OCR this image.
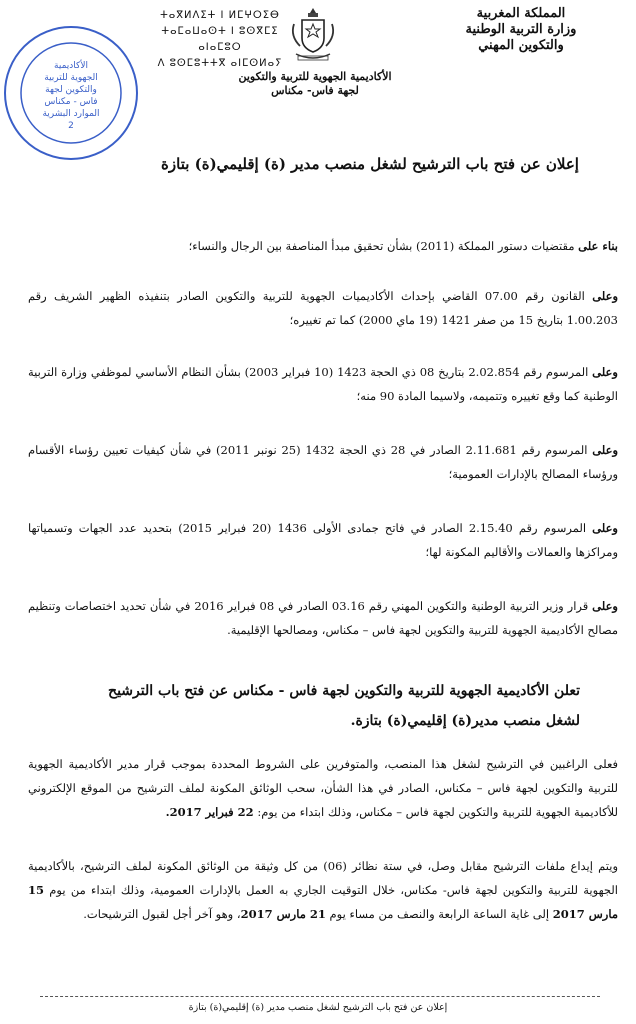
المملكة المغربية
وزارة التربية الوطنية
والتكوين المهني
ⵜⴰⴳⵍⴷⵉⵜ ⵏ ⵍⵎⵖⵔⵉⴱ
ⵜⴰⵎⴰⵡⴰⵙⵜ ⵏ ⵓⵙⴳⵎⵉ ⴰⵏⴰⵎⵓⵔ
ⴷ ⵓⵙⵎⵓⵜⵜⴳ ⴰⵏⵎⵙⵍⴰⵢ
الأكاديمية الجهوية للتربية والتكوين
لجهة فاس- مكناس
الأكاديمية
الجهوية للتربية
والتكوين لجهة
فاس - مكناس
الموارد البشرية
2
إعلان عن فتح باب الترشيح لشغل منصب مدير (ة) إقليمي(ة) بتازة
بناء على مقتضيات دستور المملكة (2011) بشأن تحقيق مبدأ المناصفة بين الرجال والنساء؛
وعلى القانون رقم 07.00 القاضي بإحداث الأكاديميات الجهوية للتربية والتكوين الصادر بتنفيذه الظهير الشريف رقم 1.00.203 بتاريخ 15 من صفر 1421 (19 ماي 2000) كما تم تغييره؛
وعلى المرسوم رقم 2.02.854 بتاريخ 08 ذي الحجة 1423 (10 فبراير 2003) بشأن النظام الأساسي لموظفي وزارة التربية الوطنية كما وقع تغييره وتتميمه، ولاسيما المادة 90 منه؛
وعلى المرسوم رقم 2.11.681 الصادر في 28 ذي الحجة 1432 (25 نونبر 2011) في شأن كيفيات تعيين رؤساء الأقسام ورؤساء المصالح بالإدارات العمومية؛
وعلى المرسوم رقم 2.15.40 الصادر في فاتح جمادى الأولى 1436 (20 فبراير 2015) بتحديد عدد الجهات وتسمياتها ومراكزها والعمالات والأقاليم المكونة لها؛
وعلى قرار وزير التربية الوطنية والتكوين المهني رقم 03.16 الصادر في 08 فبراير 2016 في شأن تحديد اختصاصات وتنظيم مصالح الأكاديمية الجهوية للتربية والتكوين لجهة فاس – مكناس، ومصالحها الإقليمية.
تعلن الأكاديمية الجهوية للتربية والتكوين لجهة فاس - مكناس عن فتح باب الترشيح
لشغل منصب مدير(ة) إقليمي(ة) بتازة.
فعلى الراغبين في الترشيح لشغل هذا المنصب، والمتوفرين على الشروط المحددة بموجب قرار مدير الأكاديمية الجهوية للتربية والتكوين لجهة فاس – مكناس، الصادر في هذا الشأن، سحب الوثائق المكونة لملف الترشيح من الموقع الإلكتروني للأكاديمية الجهوية للتربية والتكوين لجهة فاس – مكناس، وذلك ابتداء من يوم: 22 فبراير 2017.
ويتم إيداع ملفات الترشيح مقابل وصل، في ستة نظائر (06) من كل وثيقة من الوثائق المكونة لملف الترشيح، بالأكاديمية الجهوية للتربية والتكوين لجهة فاس- مكناس، خلال التوقيت الجاري به العمل بالإدارات العمومية، وذلك ابتداء من يوم 15 مارس 2017 إلى غاية الساعة الرابعة والنصف من مساء يوم 21 مارس 2017، وهو آخر أجل لقبول الترشيحات.
إعلان عن فتح باب الترشيح لشغل منصب مدير (ة) إقليمي(ة) بتازة
